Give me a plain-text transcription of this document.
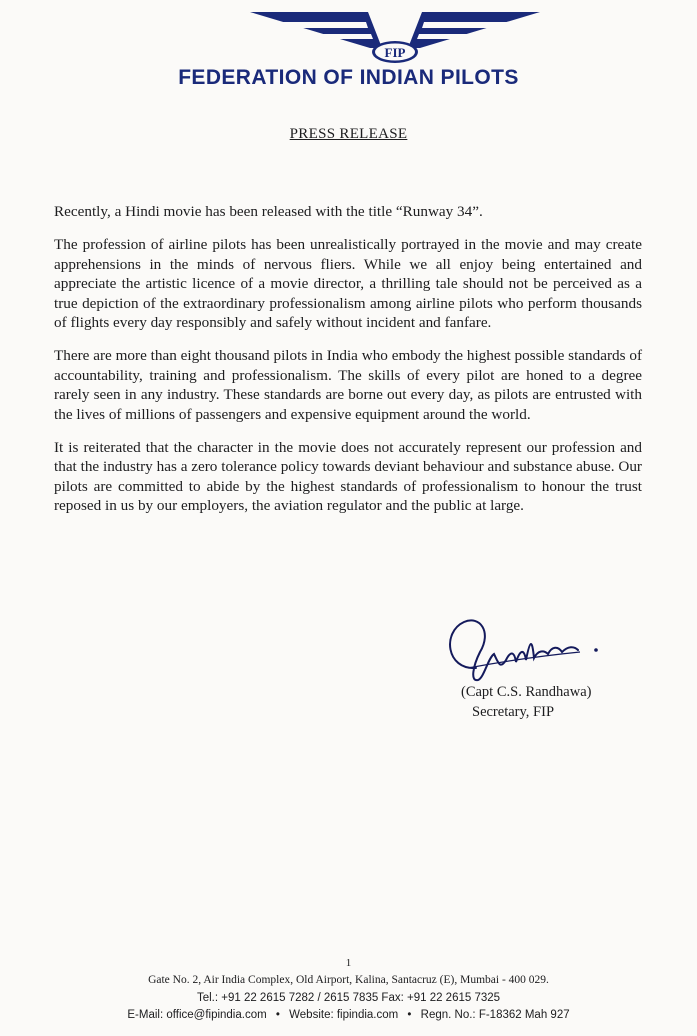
FIP
FEDERATION OF INDIAN PILOTS
PRESS RELEASE

Recently, a Hindi movie has been released with the title “Runway 34”.

The profession of airline pilots has been unrealistically portrayed in the movie and may create apprehensions in the minds of nervous fliers. While we all enjoy being entertained and appreciate the artistic licence of a movie director, a thrilling tale should not be perceived as a true depiction of the extraordinary professionalism among airline pilots who perform thousands of flights every day responsibly and safely without incident and fanfare.

There are more than eight thousand pilots in India who embody the highest possible standards of accountability, training and professionalism. The skills of every pilot are honed to a degree rarely seen in any industry. These standards are borne out every day, as pilots are entrusted with the lives of millions of passengers and expensive equipment around the world.

It is reiterated that the character in the movie does not accurately represent our profession and that the industry has a zero tolerance policy towards deviant behaviour and substance abuse. Our pilots are committed to abide by the highest standards of professionalism to honour the trust reposed in us by our employers, the aviation regulator and the public at large.

(Capt C.S. Randhawa)
Secretary, FIP
1
Gate No. 2, Air India Complex, Old Airport, Kalina, Santacruz (E), Mumbai - 400 029.
Tel.: +91 22 2615 7282 / 2615 7835 Fax: +91 22 2615 7325
E-Mail: office@fipindia.com • Website: fipindia.com • Regn. No.: F-18362 Mah 927
